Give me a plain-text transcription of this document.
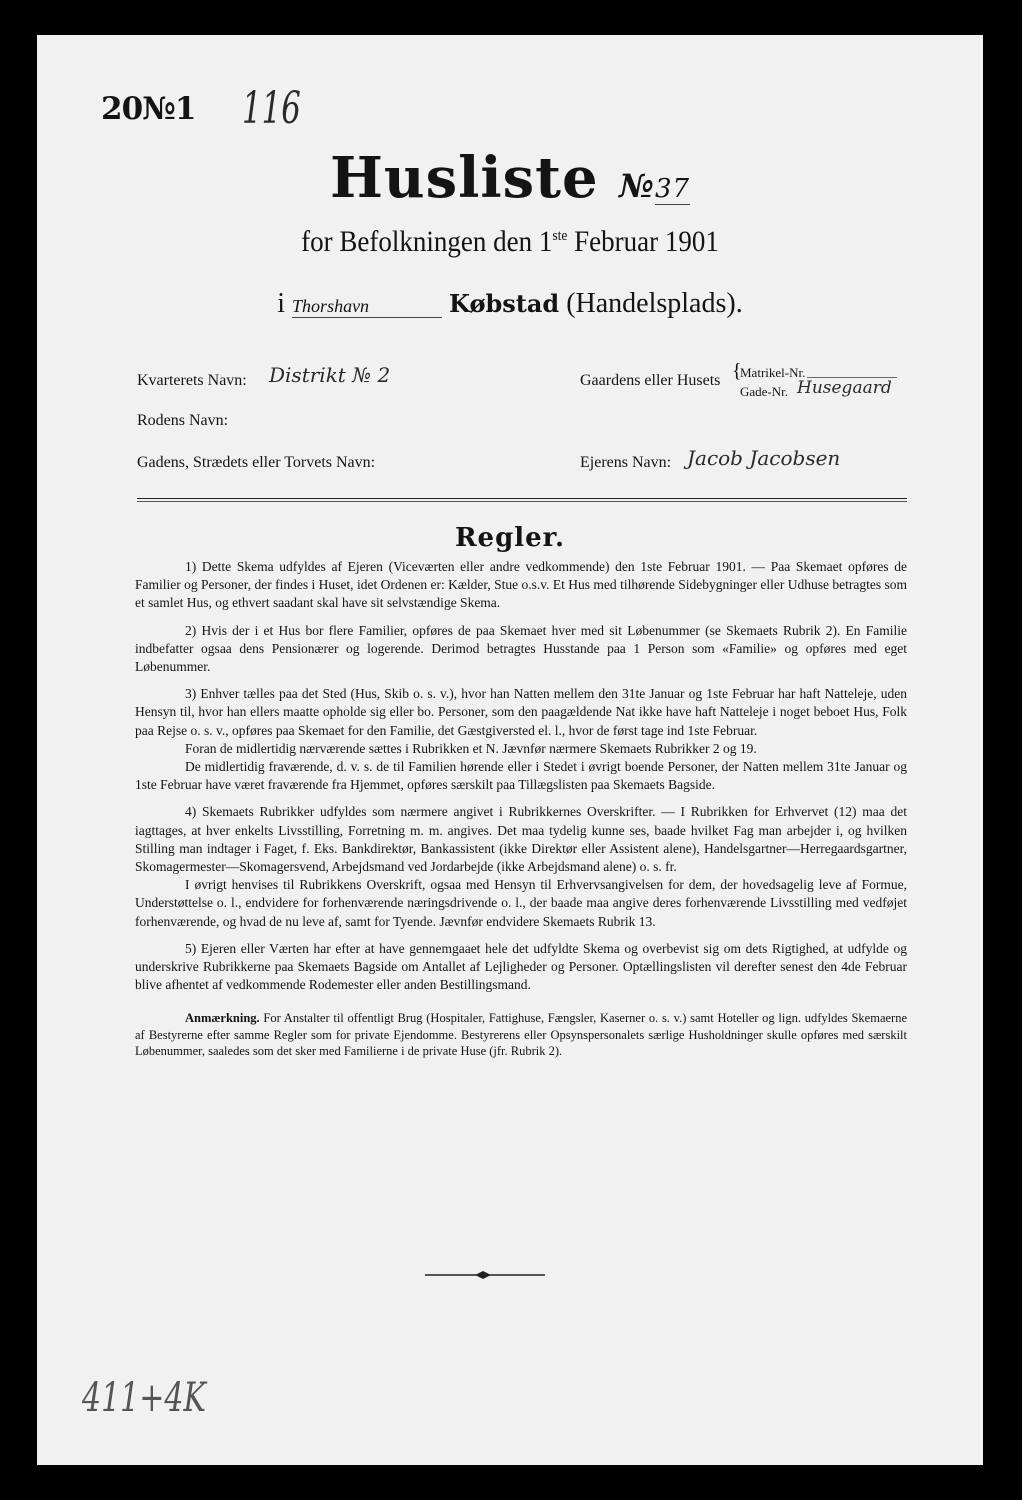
20№1 116
Husliste №37
for Befolkningen den 1ste Februar 1901
i Thorshavn	Købstad (Handelsplads).
Kvarterets Navn: Distrikt № 2	Gaardens eller Husets {
Matrikel-Nr.
Gade-Nr. Husegaard
Rodens Navn:
Gadens, Strædets eller Torvets Navn:	Ejerens Navn: Jacob Jacobsen
Regler.

1) Dette Skema udfyldes af Ejeren (Viceværten eller andre vedkommende) den 1ste Februar 1901. — Paa Skemaet opføres de Familier og Personer, der findes i Huset, idet Ordenen er: Kælder, Stue o.s.v. Et Hus med tilhørende Sidebygninger eller Udhuse betragtes som et samlet Hus, og ethvert saadant skal have sit selvstændige Skema.

2) Hvis der i et Hus bor flere Familier, opføres de paa Skemaet hver med sit Løbenummer (se Skemaets Rubrik 2). En Familie indbefatter ogsaa dens Pensionærer og logerende. Derimod betragtes Husstande paa 1 Person som «Familie» og opføres med eget Løbenummer.

3) Enhver tælles paa det Sted (Hus, Skib o. s. v.), hvor han Natten mellem den 31te Januar og 1ste Februar har haft Natteleje, uden Hensyn til, hvor han ellers maatte opholde sig eller bo. Personer, som den paagældende Nat ikke have haft Natteleje i noget beboet Hus, Folk paa Rejse o. s. v., opføres paa Skemaet for den Familie, det Gæstgiversted el. l., hvor de først tage ind 1ste Februar.

Foran de midlertidig nærværende sættes i Rubrikken et N. Jævnfør nærmere Skemaets Rubrikker 2 og 19.

De midlertidig fraværende, d. v. s. de til Familien hørende eller i Stedet i øvrigt boende Personer, der Natten mellem 31te Januar og 1ste Februar have været fraværende fra Hjemmet, opføres særskilt paa Tillægslisten paa Skemaets Bagside.

4) Skemaets Rubrikker udfyldes som nærmere angivet i Rubrikkernes Overskrifter. — I Rubrikken for Erhvervet (12) maa det iagttages, at hver enkelts Livsstilling, Forretning m. m. angives. Det maa tydelig kunne ses, baade hvilket Fag man arbejder i, og hvilken Stilling man indtager i Faget, f. Eks. Bankdirektør, Bankassistent (ikke Direktør eller Assistent alene), Handelsgartner—Herregaardsgartner, Skomagermester—Skomagersvend, Arbejdsmand ved Jordarbejde (ikke Arbejdsmand alene) o. s. fr.

I øvrigt henvises til Rubrikkens Overskrift, ogsaa med Hensyn til Erhvervsangivelsen for dem, der hovedsagelig leve af Formue, Understøttelse o. l., endvidere for forhenværende næringsdrivende o. l., der baade maa angive deres forhenværende Livsstilling med vedføjet forhenværende, og hvad de nu leve af, samt for Tyende. Jævnfør endvidere Skemaets Rubrik 13.

5) Ejeren eller Værten har efter at have gennemgaaet hele det udfyldte Skema og overbevist sig om dets Rigtighed, at udfylde og underskrive Rubrikkerne paa Skemaets Bagside om Antallet af Lejligheder og Personer. Optællingslisten vil derefter senest den 4de Februar blive afhentet af vedkommende Rodemester eller anden Bestillingsmand.

Anmærkning. For Anstalter til offentligt Brug (Hospitaler, Fattighuse, Fængsler, Kaserner o. s. v.) samt Hoteller og lign. udfyldes Skemaerne af Bestyrerne efter samme Regler som for private Ejendomme. Bestyrerens eller Opsynspersonalets særlige Husholdninger skulle opføres med særskilt Løbenummer, saaledes som det sker med Familierne i de private Huse (jfr. Rubrik 2).

411+4K
